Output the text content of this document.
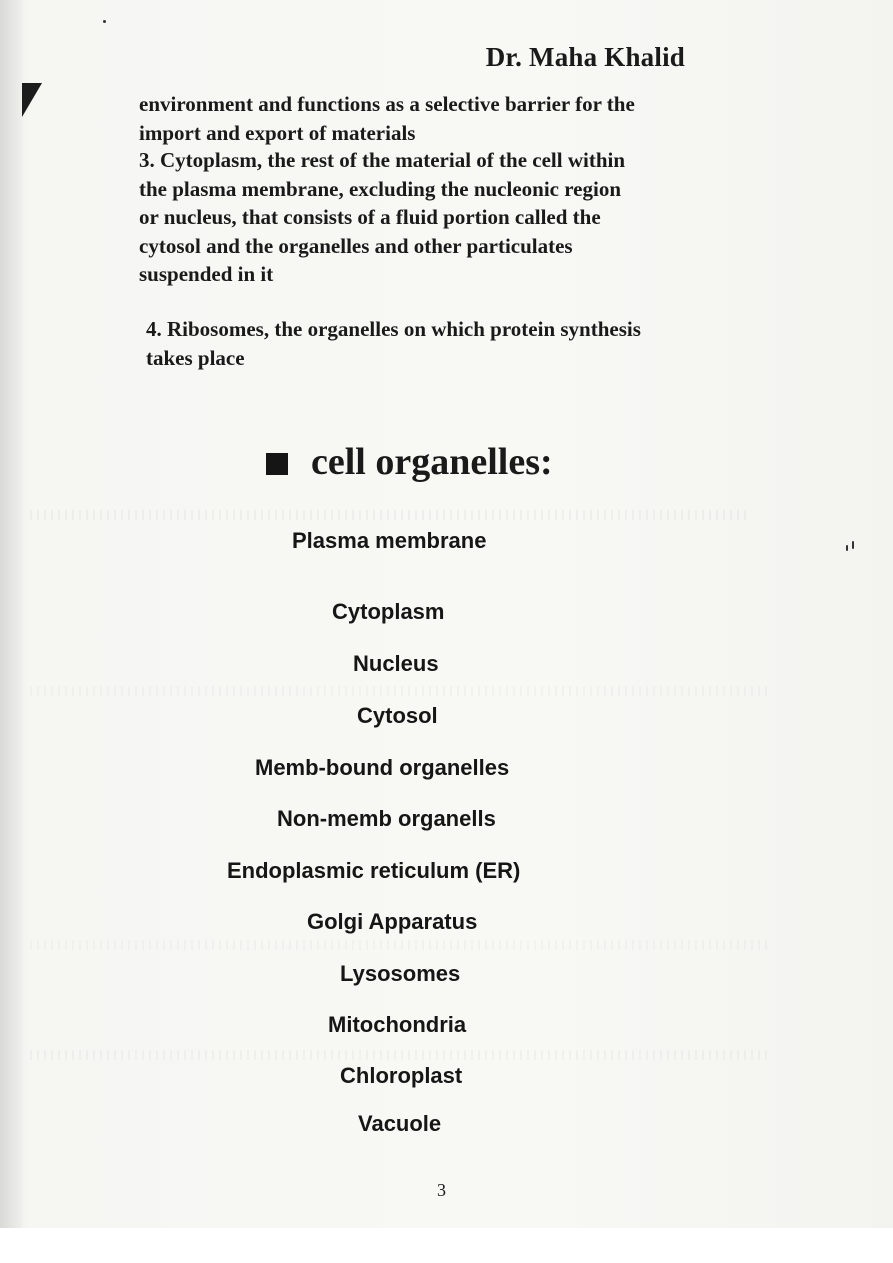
Dr. Maha Khalid

environment and functions as a selective barrier for the
import and export of materials

3. Cytoplasm, the rest of the material of the cell within
the plasma membrane, excluding the nucleonic region
or nucleus, that consists of a fluid portion called the
cytosol and the organelles and other particulates
suspended in it

4. Ribosomes, the organelles on which protein synthesis
takes place

cell organelles:
Plasma membrane
Cytoplasm
Nucleus
Cytosol
Memb-bound organelles
Non-memb organells
Endoplasmic reticulum (ER)
Golgi Apparatus
Lysosomes
Mitochondria
Chloroplast
Vacuole
3
